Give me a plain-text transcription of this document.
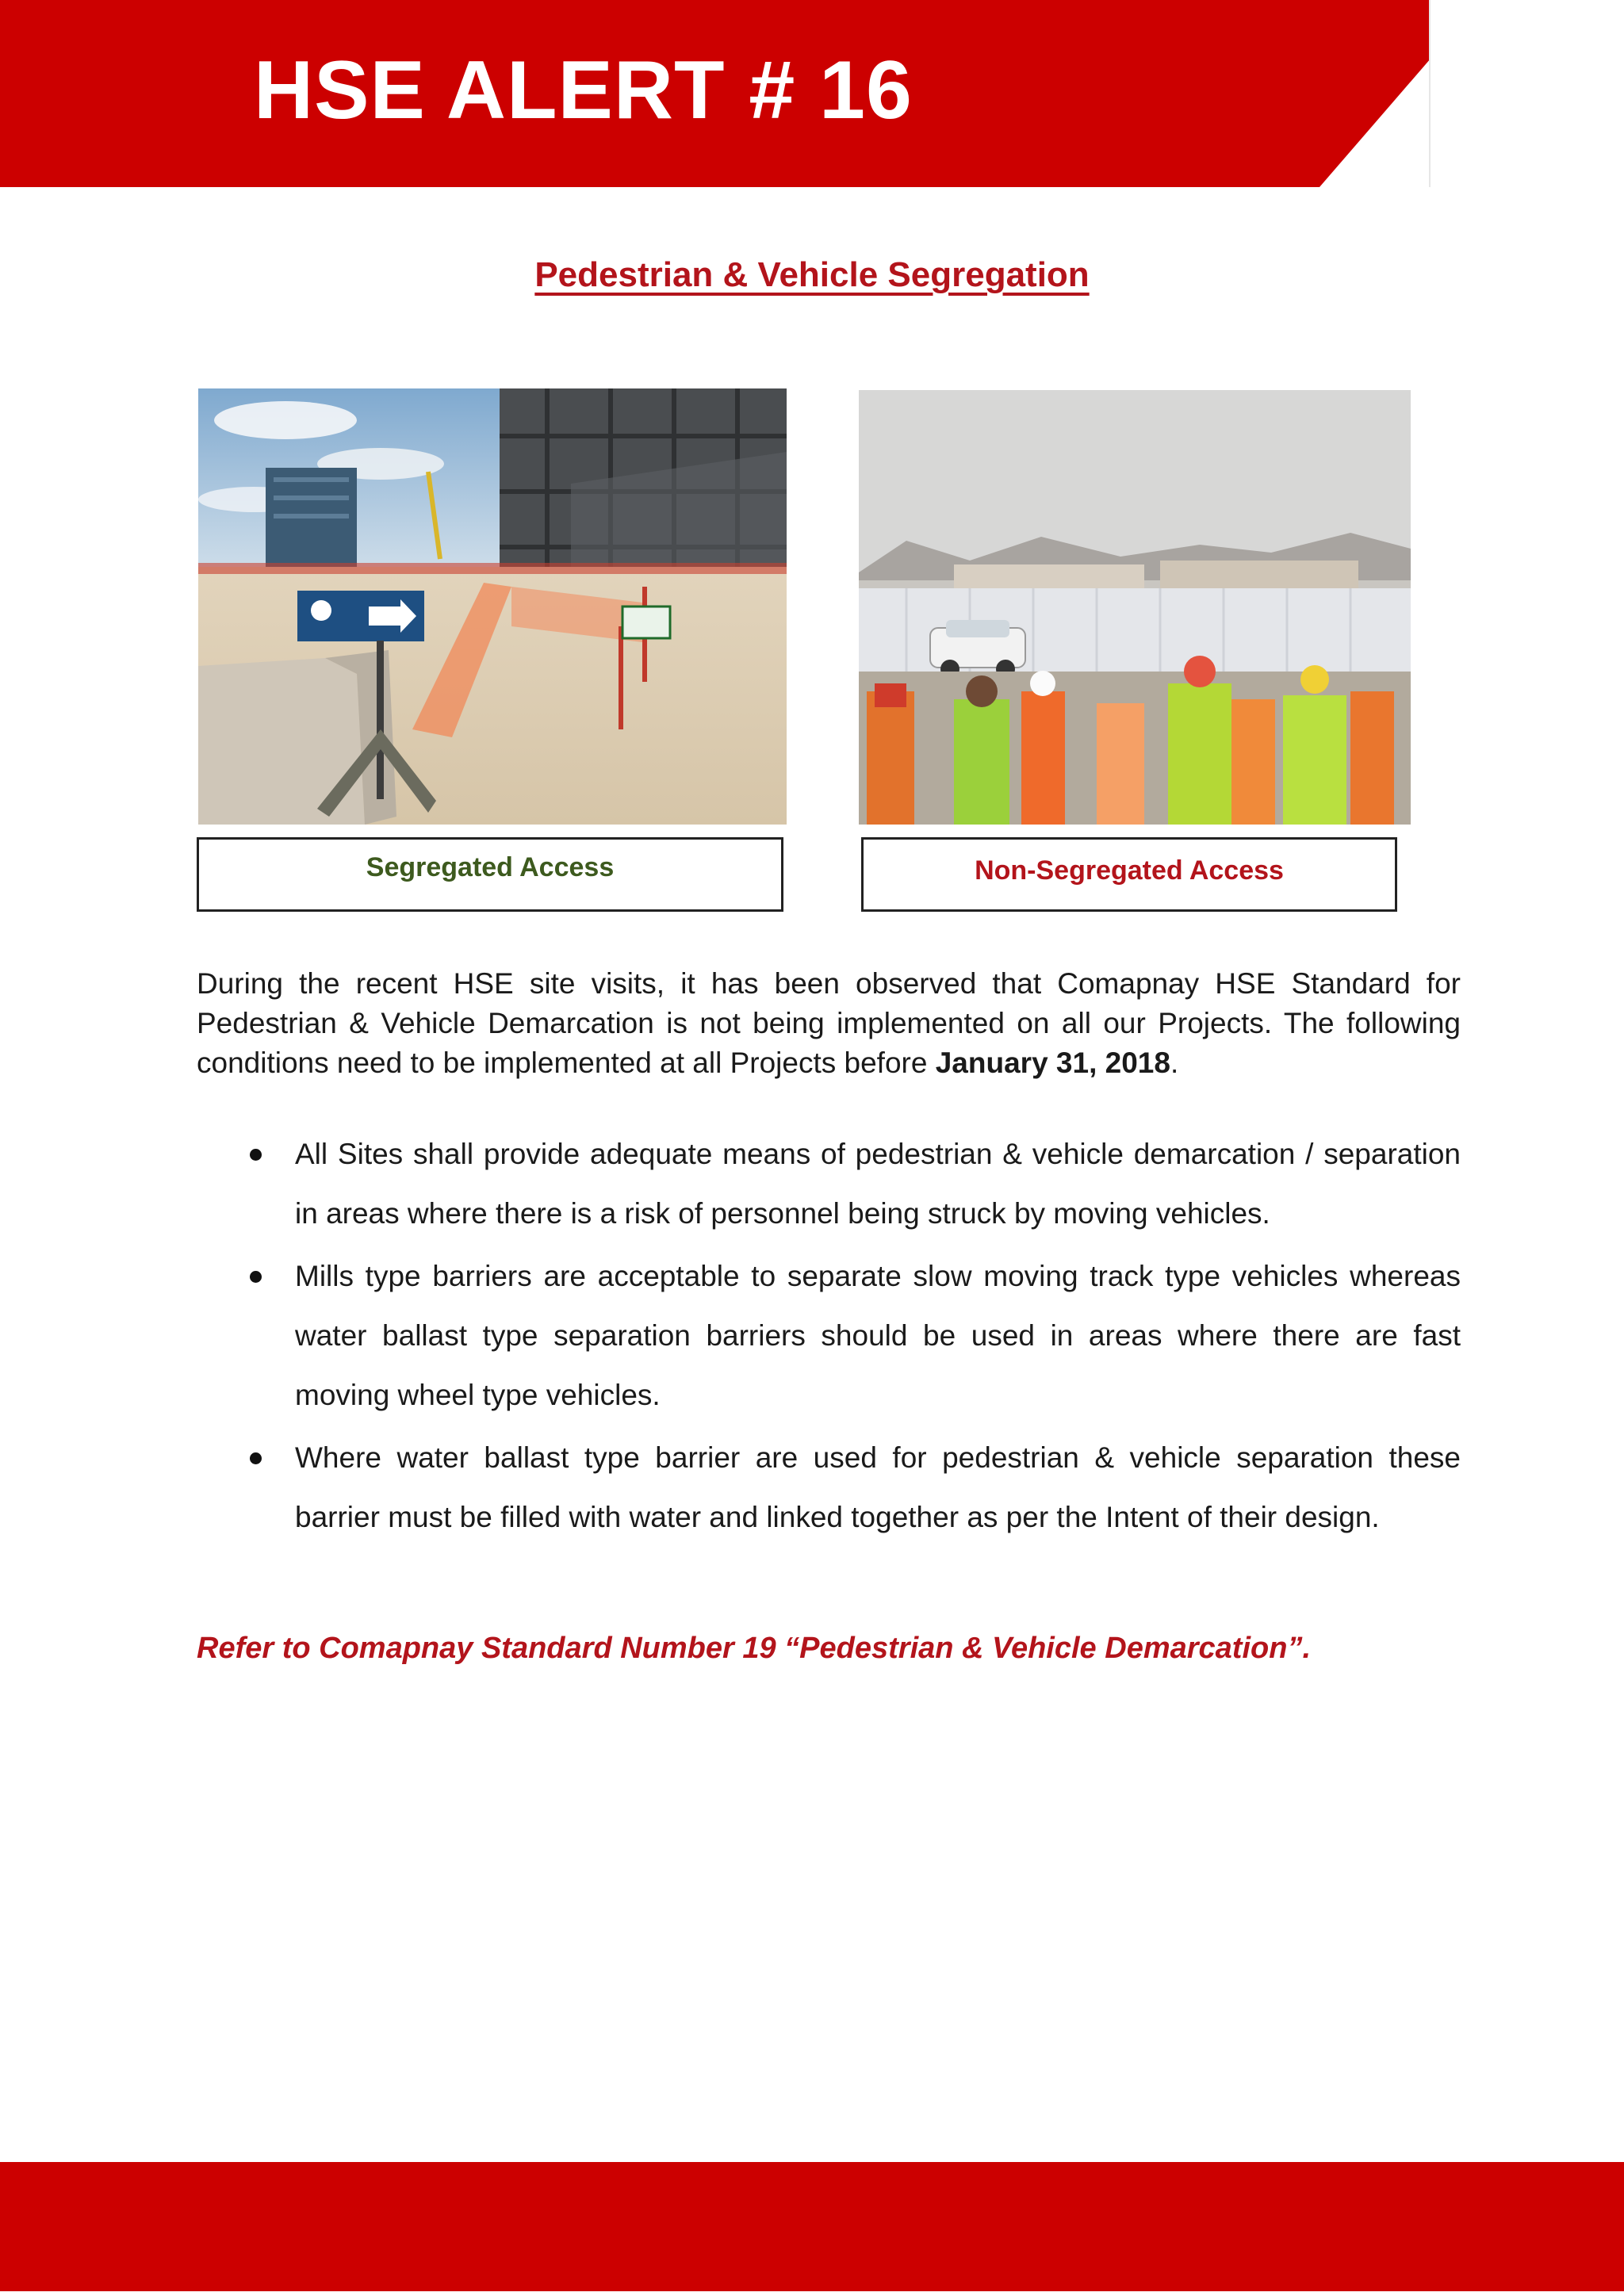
HSE ALERT # 16
Pedestrian & Vehicle Segregation
Segregated Access	Non-Segregated Access

During the recent HSE site visits, it has been observed that Comapnay HSE Standard for Pedestrian & Vehicle Demarcation is not being implemented on all our Projects. The following conditions need to be implemented at all Projects before January 31, 2018.

All Sites shall provide adequate means of pedestrian & vehicle demarcation / separation in areas where there is a risk of personnel being struck by moving vehicles.
Mills type barriers are acceptable to separate slow moving track type vehicles whereas water ballast type separation barriers should be used in areas where there are fast moving wheel type vehicles.
Where water ballast type barrier are used for pedestrian & vehicle separation these barrier must be filled with water and linked together as per the Intent of their design.
Refer to Comapnay Standard Number 19 “Pedestrian & Vehicle Demarcation”.
